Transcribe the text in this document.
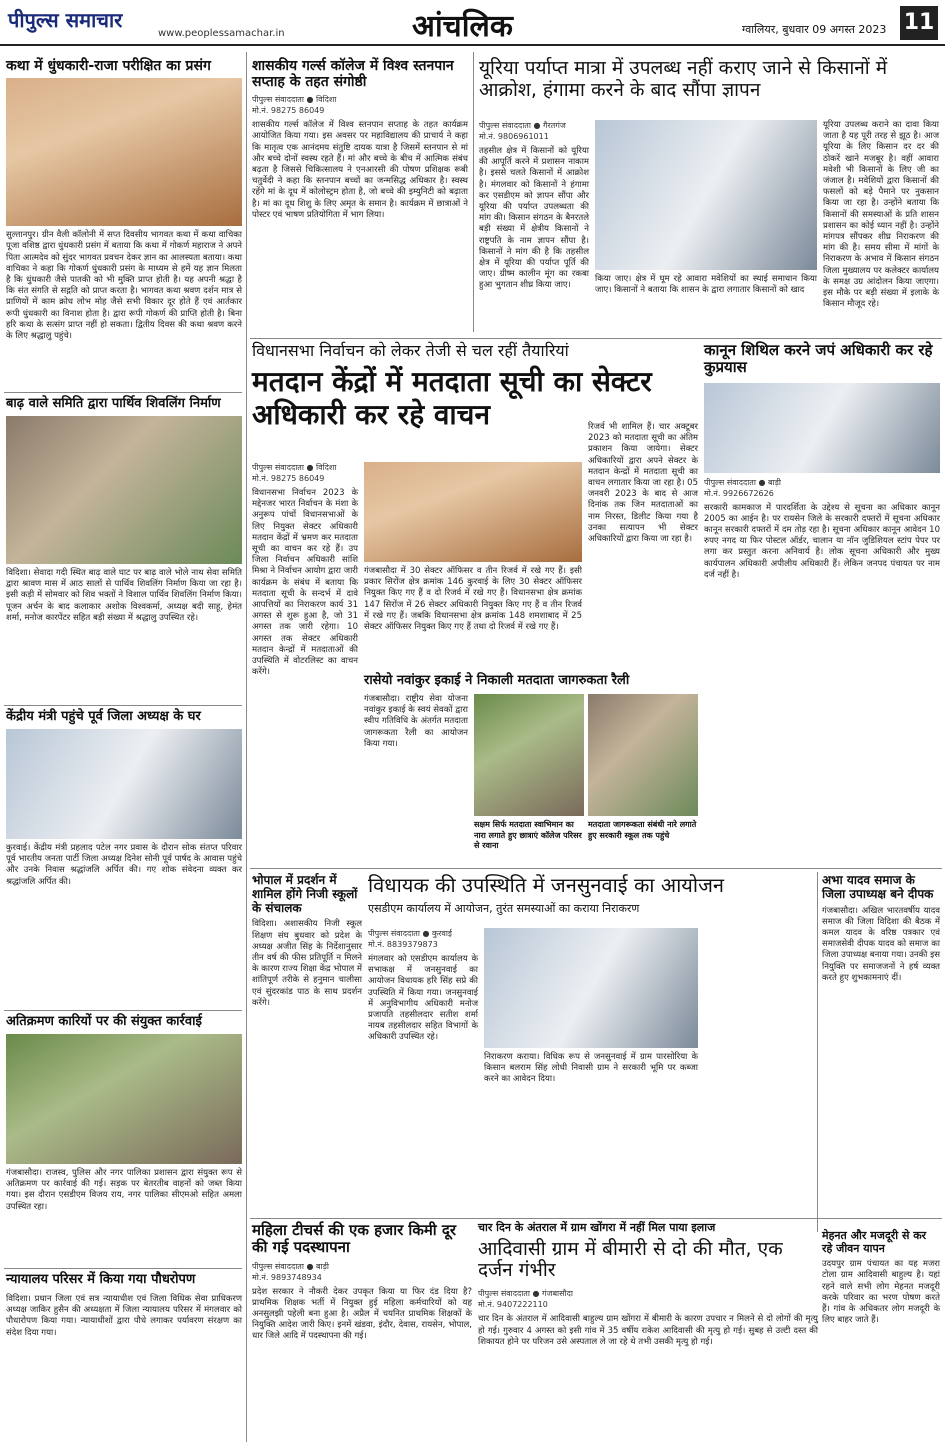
पीपुल्स समाचार
www.peoplessamachar.in	आंचलिक	ग्वालियर, बुधवार 09 अगस्त 2023 11
कथा में धुंधकारी-राजा परीक्षित का प्रसंग
सुल्तानपुर। ग्रीन वैली कॉलोनी में सप्त दिवसीय भागवत कथा में कथा वाचिका पूजा वशिष्ठ द्वारा धुंधकारी प्रसंग में बताया कि कथा में गोकर्ण महाराज ने अपने पिता आत्मदेव को सुंदर भागवत प्रवचन देकर ज्ञान का आलस्यता बताया। कथा वाचिका ने कहा कि गोकर्ण धुंधकारी प्रसंग के माध्यम से हमें यह ज्ञान मिलता है कि धुंधकारी जैसे पातकी को भी मुक्ति प्राप्त होती है। यह अपनी श्रद्धा है कि संत संगति से सद्गति को प्राप्त करता है। भागवत कथा श्रवण दर्शन मात्र से प्राणियों में काम क्रोध लोभ मोह जैसे सभी विकार दूर होते हैं एवं आर्तकार रूपी धुंधकारी का विनाश होता है। द्वारा रूपी गोकर्ण की प्राप्ति होती है। बिना हरि कथा के सत्संग प्राप्त नहीं हो सकता। द्वितीय दिवस की कथा श्रवण करने के लिए श्रद्धालु पहुंचे।
बाढ़ वाले समिति द्वारा पार्थिव शिवलिंग निर्माण
विदिशा। सेवादा गदी स्थित बाढ़ वाले घाट पर बाढ़ वाले भोले नाथ सेवा समिति द्वारा श्रावण मास में आठ सालों से पार्थिव शिवलिंग निर्माण किया जा रहा है। इसी कड़ी में सोमवार को शिव भक्तों ने विशाल पार्थिव शिवलिंग निर्माण किया। पूजन अर्चन के बाद कलाकार अशोक विश्वकर्मा, अध्यक्ष बदी साहू, हेमंत शर्मा, मनोज कारपेंटर सहित बड़ी संख्या में श्रद्धालु उपस्थित रहे।
केंद्रीय मंत्री पहुंचे पूर्व जिला अध्यक्ष के घर
कुरवाई। केंद्रीय मंत्री प्रहलाद पटेल नगर प्रवास के दौरान सोक संतप्त परिवार पूर्व भारतीय जनता पार्टी जिला अध्यक्ष दिनेश सोनी पूर्व पार्षद के आवास पहुंचे और उनके निवास श्रद्धांजलि अर्पित की। गए शोक संवेदना व्यक्त कर श्रद्धांजलि अर्पित की।
अतिक्रमण कारियों पर की संयुक्त कार्रवाई
गंजबासौदा। राजस्व, पुलिस और नगर पालिका प्रशासन द्वारा संयुक्त रूप से अतिक्रमण पर कार्रवाई की गई। सड़क पर बेतरतीब वाहनों को जब्त किया गया। इस दौरान एसडीएम विजय राय, नगर पालिका सीएमओ सहित अमला उपस्थित रहा।
न्यायालय परिसर में किया गया पौधरोपण
विदिशा। प्रधान जिला एवं सत्र न्यायाधीश एवं जिला विधिक सेवा प्राधिकरण अध्यक्ष जाकिर हुसैन की अध्यक्षता में जिला न्यायालय परिसर में मंगलवार को पौधारोपण किया गया। न्यायाधीशों द्वारा पौधे लगाकर पर्यावरण संरक्षण का संदेश दिया गया।
शासकीय गर्ल्स कॉलेज में विश्व स्तनपान सप्ताह के तहत संगोष्ठी
पीपुल्स संवाददाता ● विदिशा
मो.नं. 98275 86049
शासकीय गर्ल्स कॉलेज में विश्व स्तनपान सप्ताह के तहत कार्यक्रम आयोजित किया गया। इस अवसर पर महाविद्यालय की प्राचार्य ने कहा कि मातृत्व एक आनंदमय संतुष्टि दायक यात्रा है जिसमें स्तनपान से मां और बच्चे दोनों स्वस्थ रहते हैं। मां और बच्चे के बीच में आत्मिक संबंध बढ़ता है जिससे चिकित्सालय ने एनआरसी की पोषण प्रशिक्षक रूबी चतुर्वेदी ने कहा कि स्तनपान बच्चों का जन्मसिद्ध अधिकार है। स्वस्थ रहेंगे मां के दूध में कोलोस्ट्रम होता है, जो बच्चे की इम्युनिटी को बढ़ाता है। मां का दूध शिशु के लिए अमृत के समान है। कार्यक्रम में छात्राओं ने पोस्टर एवं भाषण प्रतियोगिता में भाग लिया।
यूरिया पर्याप्त मात्रा में उपलब्ध नहीं कराए जाने से किसानों में आक्रोश, हंगामा करने के बाद सौंपा ज्ञापन
पीपुल्स संवाददाता ● गैरतगंज
मो.नं. 9806961011
तहसील क्षेत्र में किसानों को यूरिया की आपूर्ति करने में प्रशासन नाकाम है। इससे चलते किसानों में आक्रोश है। मंगलवार को किसानों ने हंगामा कर एसडीएम को ज्ञापन सौंपा और यूरिया की पर्याप्त उपलब्धता की मांग की। किसान संगठन के बैनरतले बड़ी संख्या में क्षेत्रीय किसानों ने राष्ट्रपति के नाम ज्ञापन सौंपा है। किसानों ने मांग की है कि तहसील क्षेत्र में यूरिया की पर्याप्त पूर्ति की जाए। ग्रीष्म कालीन मूंग का रकबा हुआ भुगतान शीघ्र किया जाए।
किया जाए। क्षेत्र में घूम रहे आवारा मवेशियों का स्थाई समाधान किया जाए। किसानों ने बताया कि शासन के द्वारा लगातार किसानों को खाद
यूरिया उपलब्ध कराने का दावा किया जाता है यह पूरी तरह से झूठ है। आज यूरिया के लिए किसान दर दर की ठोकरें खाने मजबूर है। वहीं आवारा मवेशी भी किसानों के लिए जी का जंजाल है। मवेशियों द्वारा किसानों की फसलों को बड़े पैमाने पर नुकसान किया जा रहा है। उन्होंने बताया कि किसानों की समस्याओं के प्रति शासन प्रशासन का कोई ध्यान नहीं है। उन्होंने मांगपत्र सौंपकर शीघ्र निराकरण की मांग की है। समय सीमा में मांगों के निराकरण के अभाव में किसान संगठन जिला मुख्यालय पर कलेक्टर कार्यालय के समक्ष उग्र आंदोलन किया जाएगा। इस मौके पर बड़ी संख्या में इलाके के किसान मौजूद रहे।
विधानसभा निर्वाचन को लेकर तेजी से चल रहीं तैयारियां
मतदान केंद्रों में मतदाता सूची का सेक्टर अधिकारी कर रहे वाचन
पीपुल्स संवाददाता ● विदिशा
मो.नं. 98275 86049
विधानसभा निर्वाचन 2023 के मद्देनजर भारत निर्वाचन के मंशा के अनुरूप पांचों विधानसभाओं के लिए नियुक्त सेक्टर अधिकारी मतदान केंद्रों में भ्रमण कर मतदाता सूची का वाचन कर रहे हैं। उप जिला निर्वाचन अधिकारी सांशि मिश्रा ने निर्वाचन आयोग द्वारा जारी कार्यक्रम के संबंध में बताया कि मतदाता सूची के सन्दर्भ में दावे आपत्तियों का निराकरण कार्य 31 अगस्त से शुरू हुआ है, जो 31 अगस्त तक जारी रहेगा। 10 अगस्त तक सेक्टर अधिकारी मतदान केन्द्रों में मतदाताओं की उपस्थिति में वोटरलिस्ट का वाचन करेंगे।
गंजबासौदा में 30 सेक्टर ऑफिसर व तीन रिजर्व में रखे गए हैं। इसी प्रकार सिरोंज क्षेत्र क्रमांक 146 कुरवाई के लिए 30 सेक्टर ऑफिसर नियुक्त किए गए हैं व दो रिजर्व में रखे गए हैं। विधानसभा क्षेत्र क्रमांक 147 सिरोंज में 26 सेक्टर अधिकारी नियुक्त किए गए हैं व तीन रिजर्व में रखे गए हैं। जबकि विधानसभा क्षेत्र क्रमांक 148 शमशाबाद में 25 सेक्टर ऑफिसर नियुक्त किए गए हैं तथा दो रिजर्व में रखे गए हैं।
रिजर्व भी शामिल हैं। चार अक्टूबर 2023 को मतदाता सूची का अंतिम प्रकाशन किया जायेगा। सेक्टर अधिकारियों द्वारा अपने सेक्टर के मतदान केन्द्रों में मतदाता सूची का वाचन लगातार किया जा रहा है। 05 जनवरी 2023 के बाद से आज दिनांक तक जिन मतदाताओं का नाम निरस्त, डिलीट किया गया है उनका सत्यापन भी सेक्टर अधिकारियों द्वारा किया जा रहा है।
रासेयो नवांकुर इकाई ने निकाली मतदाता जागरुकता रैली
गंजबासौदा। राष्ट्रीय सेवा योजना नवांकुर इकाई के स्वयं सेवकों द्वारा स्वीप गतिविधि के अंतर्गत मतदाता जागरूकता रैली का आयोजन किया गया।
सक्षम सिर्फ मतदाता स्वाभिमान का नारा लगाते हुए छात्राएं कॉलेज परिसर से रवाना
मतदाता जागरूकता संबंधी नारे लगाते हुए सरकारी स्कूल तक पहुंचे
कानून शिथिल करने जपं अधिकारी कर रहे कुप्रयास
पीपुल्स संवाददाता ● बाड़ी
मो.नं. 9926672626
सरकारी कामकाज में पारदर्शिता के उद्देश्य से सूचना का अधिकार कानून 2005 का आईन है। पर रायसेन जिले के सरकारी दफ्तरों में सूचना अधिकार कानून सरकारी दफ्तरों में दम तोड़ रहा है। सूचना अधिकार कानून आवेदन 10 रुपए नगद या फिर पोस्टल ऑर्डर, चालान या नॉन जुडिशियल स्टांप पेपर पर लगा कर प्रस्तुत करना अनिवार्य है। लोक सूचना अधिकारी और मुख्य कार्यपालन अधिकारी अपीलीय अधिकारी हैं। लेकिन जनपद पंचायत पर नाम दर्ज नहीं है।
भोपाल में प्रदर्शन में शामिल होंगे निजी स्कूलों के संचालक
विदिशा। अशासकीय निजी स्कूल शिक्षण संघ बुधवार को प्रदेश के अध्यक्ष अजीत सिंह के निर्देशानुसार तीन वर्ष की फीस प्रतिपूर्ति न मिलने के कारण राज्य शिक्षा केंद्र भोपाल में शांतिपूर्ण तरीके से हनुमान चालीसा एवं सुंदरकांड पाठ के साथ प्रदर्शन करेंगे।
विधायक की उपस्थिति में जनसुनवाई का आयोजन
एसडीएम कार्यालय में आयोजन, तुरंत समस्याओं का कराया निराकरण
पीपुल्स संवाददाता ● कुरवाई
मो.नं. 8839379873
मंगलवार को एसडीएम कार्यालय के सभाकक्ष में जनसुनवाई का आयोजन विधायक हरि सिंह सप्रे की उपस्थिति में किया गया। जनसुनवाई में अनुविभागीय अधिकारी मनोज प्रजापति तहसीलदार सतीश शर्मा नायब तहसीलदार सहित विभागों के अधिकारी उपस्थित रहे।
निराकरण कराया। विधिक रूप से जनसुनवाई में ग्राम पारसोरिया के किसान बलराम सिंह लोधी निवासी ग्राम ने सरकारी भूमि पर कब्जा करने का आवेदन दिया।
अभा यादव समाज के जिला उपाध्यक्ष बने दीपक
गंजबासौदा। अखिल भारतवर्षीय यादव समाज की जिला विदिशा की बैठक में कमल यादव के वरिष्ठ पत्रकार एवं समाजसेवी दीपक यादव को समाज का जिला उपाध्यक्ष बनाया गया। उनकी इस नियुक्ति पर समाजजनों ने हर्ष व्यक्त करते हुए शुभकामनाएं दीं।
महिला टीचर्स की एक हजार किमी दूर की गई पदस्थापना
पीपुल्स संवाददाता ● बाड़ी
मो.नं. 9893748934
प्रदेश सरकार ने नौकरी देकर उपकृत किया या फिर दंड दिया है? प्राथमिक शिक्षक भर्ती में नियुक्त हुई महिला कर्मचारियों को यह अनसुलझी पहेली बना हुआ है। अप्रैल में चयनित प्राथमिक शिक्षकों के नियुक्ति आदेश जारी किए। इनमें खंडवा, इंदौर, देवास, रायसेन, भोपाल, धार जिले आदि में पदस्थापना की गई।
चार दिन के अंतराल में ग्राम खोंगरा में नहीं मिल पाया इलाज
आदिवासी ग्राम में बीमारी से दो की मौत, एक दर्जन गंभीर
पीपुल्स संवाददाता ● गंजबासौदा
मो.नं. 9407222110
चार दिन के अंतराल में आदिवासी बाहुल्य ग्राम खोंगरा में बीमारी के कारण उपचार न मिलने से दो लोगों की मृत्यु हो गई। गुरुवार 4 अगस्त को इसी गांव में 35 वर्षीय राकेश आदिवासी की मृत्यु हो गई। सुबह से उल्टी दस्त की शिकायत होने पर परिजन उसे अस्पताल ले जा रहे थे तभी उसकी मृत्यु हो गई।
मेहनत और मजदूरी से कर रहे जीवन यापन
उदयपुर ग्राम पंचायत का यह मजरा टोला ग्राम आदिवासी बाहुल्य है। यहां रहने वाले सभी लोग मेहनत मजदूरी करके परिवार का भरण पोषण करते हैं। गांव के अधिकतर लोग मजदूरी के लिए बाहर जाते हैं।
